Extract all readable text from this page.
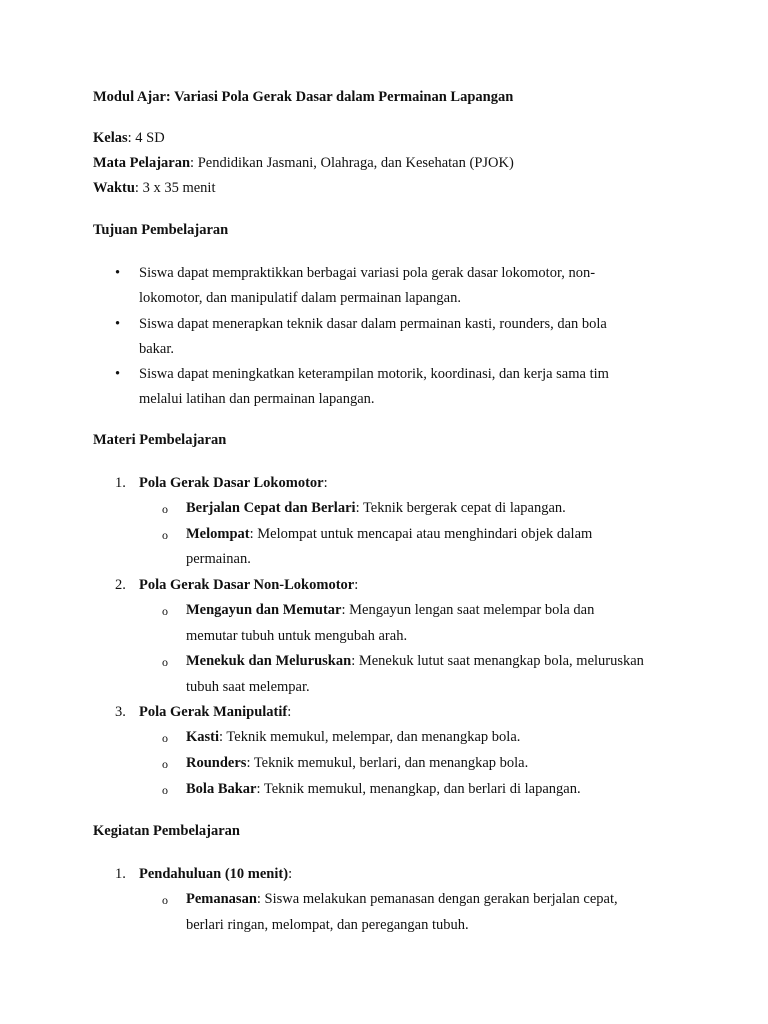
Modul Ajar: Variasi Pola Gerak Dasar dalam Permainan Lapangan
Kelas: 4 SD
Mata Pelajaran: Pendidikan Jasmani, Olahraga, dan Kesehatan (PJOK)
Waktu: 3 x 35 menit
Tujuan Pembelajaran
• Siswa dapat mempraktikkan berbagai variasi pola gerak dasar lokomotor, non-
lokomotor, dan manipulatif dalam permainan lapangan.
• Siswa dapat menerapkan teknik dasar dalam permainan kasti, rounders, dan bola
bakar.
• Siswa dapat meningkatkan keterampilan motorik, koordinasi, dan kerja sama tim
melalui latihan dan permainan lapangan.
Materi Pembelajaran
1. Pola Gerak Dasar Lokomotor:
o Berjalan Cepat dan Berlari: Teknik bergerak cepat di lapangan.
o Melompat: Melompat untuk mencapai atau menghindari objek dalam
permainan.
2. Pola Gerak Dasar Non-Lokomotor:
o Mengayun dan Memutar: Mengayun lengan saat melempar bola dan
memutar tubuh untuk mengubah arah.
o Menekuk dan Meluruskan: Menekuk lutut saat menangkap bola, meluruskan
tubuh saat melempar.
3. Pola Gerak Manipulatif:
o Kasti: Teknik memukul, melempar, dan menangkap bola.
o Rounders: Teknik memukul, berlari, dan menangkap bola.
o Bola Bakar: Teknik memukul, menangkap, dan berlari di lapangan.
Kegiatan Pembelajaran
1. Pendahuluan (10 menit):
o Pemanasan: Siswa melakukan pemanasan dengan gerakan berjalan cepat,
berlari ringan, melompat, dan peregangan tubuh.
